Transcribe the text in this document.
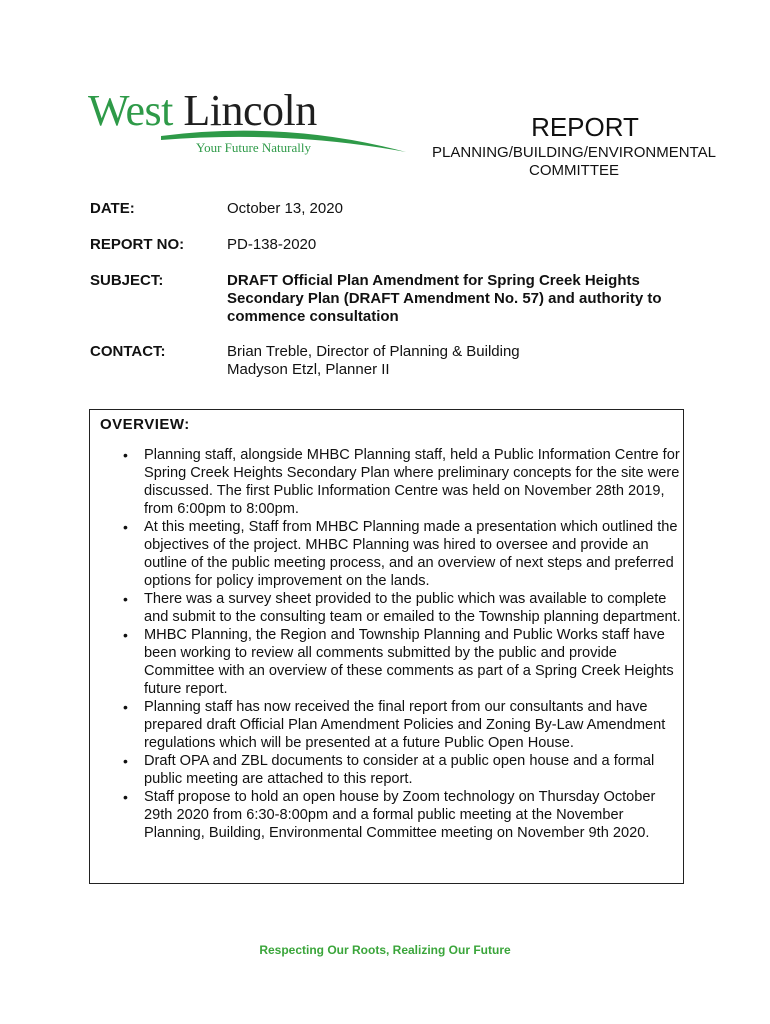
West Lincoln
Your Future Naturally
REPORT
PLANNING/BUILDING/ENVIRONMENTAL COMMITTEE
DATE:	October 13, 2020
REPORT NO:	PD-138-2020
SUBJECT:	DRAFT Official Plan Amendment for Spring Creek Heights Secondary Plan (DRAFT Amendment No. 57) and authority to commence consultation
CONTACT:	Brian Treble, Director of Planning & Building
Madyson Etzl, Planner II
OVERVIEW:
• Planning staff, alongside MHBC Planning staff, held a Public Information Centre for Spring Creek Heights Secondary Plan where preliminary concepts for the site were discussed. The first Public Information Centre was held on November 28th 2019, from 6:00pm to 8:00pm.
• At this meeting, Staff from MHBC Planning made a presentation which outlined the objectives of the project. MHBC Planning was hired to oversee and provide an outline of the public meeting process, and an overview of next steps and preferred options for policy improvement on the lands.
• There was a survey sheet provided to the public which was available to complete and submit to the consulting team or emailed to the Township planning department.
• MHBC Planning, the Region and Township Planning and Public Works staff have been working to review all comments submitted by the public and provide Committee with an overview of these comments as part of a Spring Creek Heights future report.
• Planning staff has now received the final report from our consultants and have prepared draft Official Plan Amendment Policies and Zoning By-Law Amendment regulations which will be presented at a future Public Open House.
• Draft OPA and ZBL documents to consider at a public open house and a formal public meeting are attached to this report.
• Staff propose to hold an open house by Zoom technology on Thursday October 29th 2020 from 6:30-8:00pm and a formal public meeting at the November Planning, Building, Environmental Committee meeting on November 9th 2020.
Respecting Our Roots, Realizing Our Future
